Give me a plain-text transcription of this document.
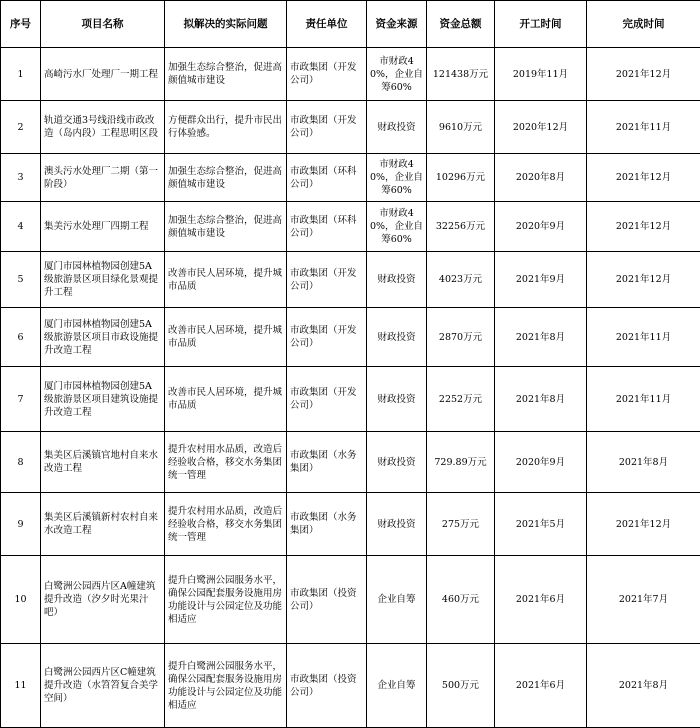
序号	项目名称	拟解决的实际问题	责任单位	资金来源	资金总额	开工时间	完成时间
1	高崎污水厂处理厂一期工程	加强生态综合整治，促进高颜值城市建设	市政集团（开发公司）	市财政40%，企业自筹60%	121438万元	2019年11月	2021年12月
2	轨道交通3号线沿线市政改造（岛内段）工程思明区段	方便群众出行，提升市民出行体验感。	市政集团（开发公司）	财政投资	9610万元	2020年12月	2021年11月
3	澳头污水处理厂二期（第一阶段）	加强生态综合整治，促进高颜值城市建设	市政集团（环科公司）	市财政40%，企业自筹60%	10296万元	2020年8月	2021年12月
4	集美污水处理厂四期工程	加强生态综合整治，促进高颜值城市建设	市政集团（环科公司）	市财政40%，企业自筹60%	32256万元	2020年9月	2021年12月
5	厦门市园林植物园创建5A级旅游景区项目绿化景观提升工程	改善市民人居环境，提升城市品质	市政集团（开发公司）	财政投资	4023万元	2021年9月	2021年12月
6	厦门市园林植物园创建5A级旅游景区项目市政设施提升改造工程	改善市民人居环境，提升城市品质	市政集团（开发公司）	财政投资	2870万元	2021年8月	2021年11月
7	厦门市园林植物园创建5A级旅游景区项目建筑设施提升改造工程	改善市民人居环境，提升城市品质	市政集团（开发公司）	财政投资	2252万元	2021年8月	2021年11月
8	集美区后溪镇官地村自来水改造工程	提升农村用水品质，改造后经验收合格，移交水务集团统一管理	市政集团（水务集团）	财政投资	729.89万元	2020年9月	2021年8月
9	集美区后溪镇新村农村自来水改造工程	提升农村用水品质，改造后经验收合格，移交水务集团统一管理	市政集团（水务集团）	财政投资	275万元	2021年5月	2021年12月
10	白鹭洲公园西片区A幢建筑提升改造（汐夕时光果汁吧）	提升白鹭洲公园服务水平，确保公园配套服务设施用房功能设计与公园定位及功能相适应	市政集团（投资公司）	企业自筹	460万元	2021年6月	2021年7月
11	白鹭洲公园西片区C幢建筑提升改造（水笤笤复合美学空间）	提升白鹭洲公园服务水平，确保公园配套服务设施用房功能设计与公园定位及功能相适应	市政集团（投资公司）	企业自筹	500万元	2021年6月	2021年8月
